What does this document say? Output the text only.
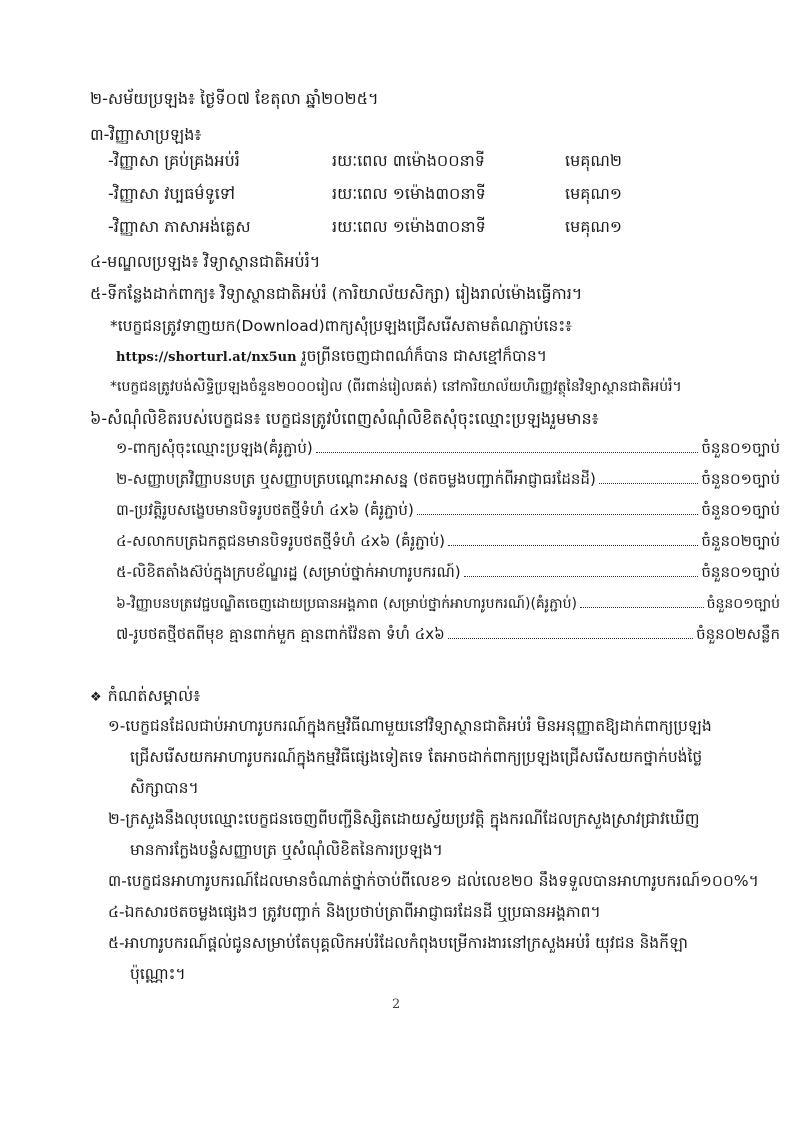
២-សម័យប្រឡង៖ ថ្ងៃទី០៧ ខែតុលា ឆ្នាំ២០២៥។
៣-វិញ្ញាសាប្រឡង៖
-វិញ្ញាសា គ្រប់គ្រងអប់រំ	រយៈពេល ៣ម៉ោង០០នាទី	មេគុណ២
-វិញ្ញាសា វប្បធម៌ទូទៅ	រយៈពេល ១ម៉ោង៣០នាទី	មេគុណ១
-វិញ្ញាសា ភាសាអង់គ្លេស	រយៈពេល ១ម៉ោង៣០នាទី	មេគុណ១
៤-មណ្ឌលប្រឡង៖ វិទ្យាស្ថានជាតិអប់រំ។
៥-ទីកន្លែងដាក់ពាក្យ៖ វិទ្យាស្ថានជាតិអប់រំ (ការិយាល័យសិក្សា) រៀងរាល់ម៉ោងធ្វើការ។
*បេក្ខជនត្រូវទាញយក(Download)ពាក្យសុំប្រឡងជ្រើសរើសតាមតំណភ្ជាប់នេះ៖
https://shorturl.at/nx5un រួចព្រីនចេញជាពណ៌ក៏បាន ជាសខ្មៅក៏បាន។
*បេក្ខជនត្រូវបង់សិទ្ធិប្រឡងចំនួន២០០០រៀល (ពីរពាន់រៀលគត់) នៅការិយាល័យហិរញ្ញវត្ថុនៃវិទ្យាស្ថានជាតិអប់រំ។
៦-សំណុំលិខិតរបស់បេក្ខជន៖ បេក្ខជនត្រូវបំពេញសំណុំលិខិតសុំចុះឈ្មោះប្រឡងរួមមាន៖
១-ពាក្យសុំចុះឈ្មោះប្រឡង(គំរូភ្ជាប់)	ចំនួន០១ច្បាប់
២-សញ្ញាបត្រវិញ្ញាបនបត្រ ឬសញ្ញាបត្របណ្តោះអាសន្ន (ថតចម្លងបញ្ជាក់ពីអាជ្ញាធរដែនដី)	ចំនួន០១ច្បាប់
៣-ប្រវត្តិរូបសង្ខេបមានបិទរូបថតថ្មីទំហំ ៤x៦ (គំរូភ្ជាប់)	ចំនួន០១ច្បាប់
៤-សលាកបត្រឯកត្តជនមានបិទរូបថតថ្មីទំហំ ៤x៦ (គំរូភ្ជាប់)	ចំនួន០២ច្បាប់
៥-លិខិតតាំងស៊ប់ក្នុងក្របខ័ណ្ឌរដ្ឋ (សម្រាប់ថ្នាក់អាហារូបករណ៍)	ចំនួន០១ច្បាប់
៦-វិញ្ញាបនបត្រវេជ្ជបណ្ឌិតចេញដោយប្រធានអង្គភាព (សម្រាប់ថ្នាក់អាហារូបករណ៍)(គំរូភ្ជាប់)	ចំនួន០១ច្បាប់
៧-រូបថតថ្មីថតពីមុខ គ្មានពាក់មួក គ្មានពាក់វ៉ែនតា ទំហំ ៤x៦	ចំនួន០២សន្លឹក
❖ កំណត់សម្គាល់៖
១-បេក្ខជនដែលជាប់អាហារូបករណ៍ក្នុងកម្មវិធីណាមួយនៅវិទ្យាស្ថានជាតិអប់រំ មិនអនុញ្ញាតឱ្យដាក់ពាក្យប្រឡង
ជ្រើសរើសយកអាហារូបករណ៍ក្នុងកម្មវិធីផ្សេងទៀតទេ តែអាចដាក់ពាក្យប្រឡងជ្រើសរើសយកថ្នាក់បង់ថ្លៃ
សិក្សាបាន។
២-ក្រសួងនឹងលុបឈ្មោះបេក្ខជនចេញពីបញ្ជីនិស្សិតដោយស្វ័យប្រវត្តិ ក្នុងករណីដែលក្រសួងស្រាវជ្រាវឃើញ
មានការក្លែងបន្លំសញ្ញាបត្រ ឬសំណុំលិខិតនៃការប្រឡង។
៣-បេក្ខជនអាហារូបករណ៍ដែលមានចំណាត់ថ្នាក់ចាប់ពីលេខ១ ដល់លេខ២០ នឹងទទួលបានអាហារូបករណ៍១០០%។
៤-ឯកសារថតចម្លងផ្សេងៗ ត្រូវបញ្ជាក់ និងប្រថាប់ត្រាពីអាជ្ញាធរដែនដី ឬប្រធានអង្គភាព។
៥-អាហារូបករណ៍ផ្តល់ជូនសម្រាប់តែបុគ្គលិកអប់រំដែលកំពុងបម្រើការងារនៅក្រសួងអប់រំ យុវជន និងកីឡា
ប៉ុណ្ណោះ។
2
